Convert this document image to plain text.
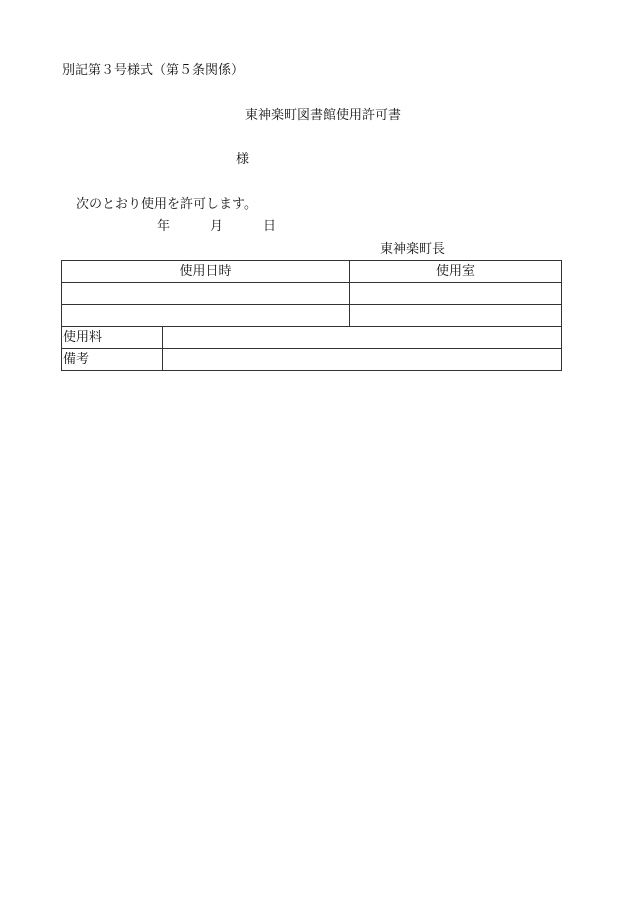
別記第３号様式（第５条関係）
東神楽町図書館使用許可書
様
次のとおり使用を許可します。
年	月	日
東神楽町長
使用日時		使用室

使用料		
備考		
